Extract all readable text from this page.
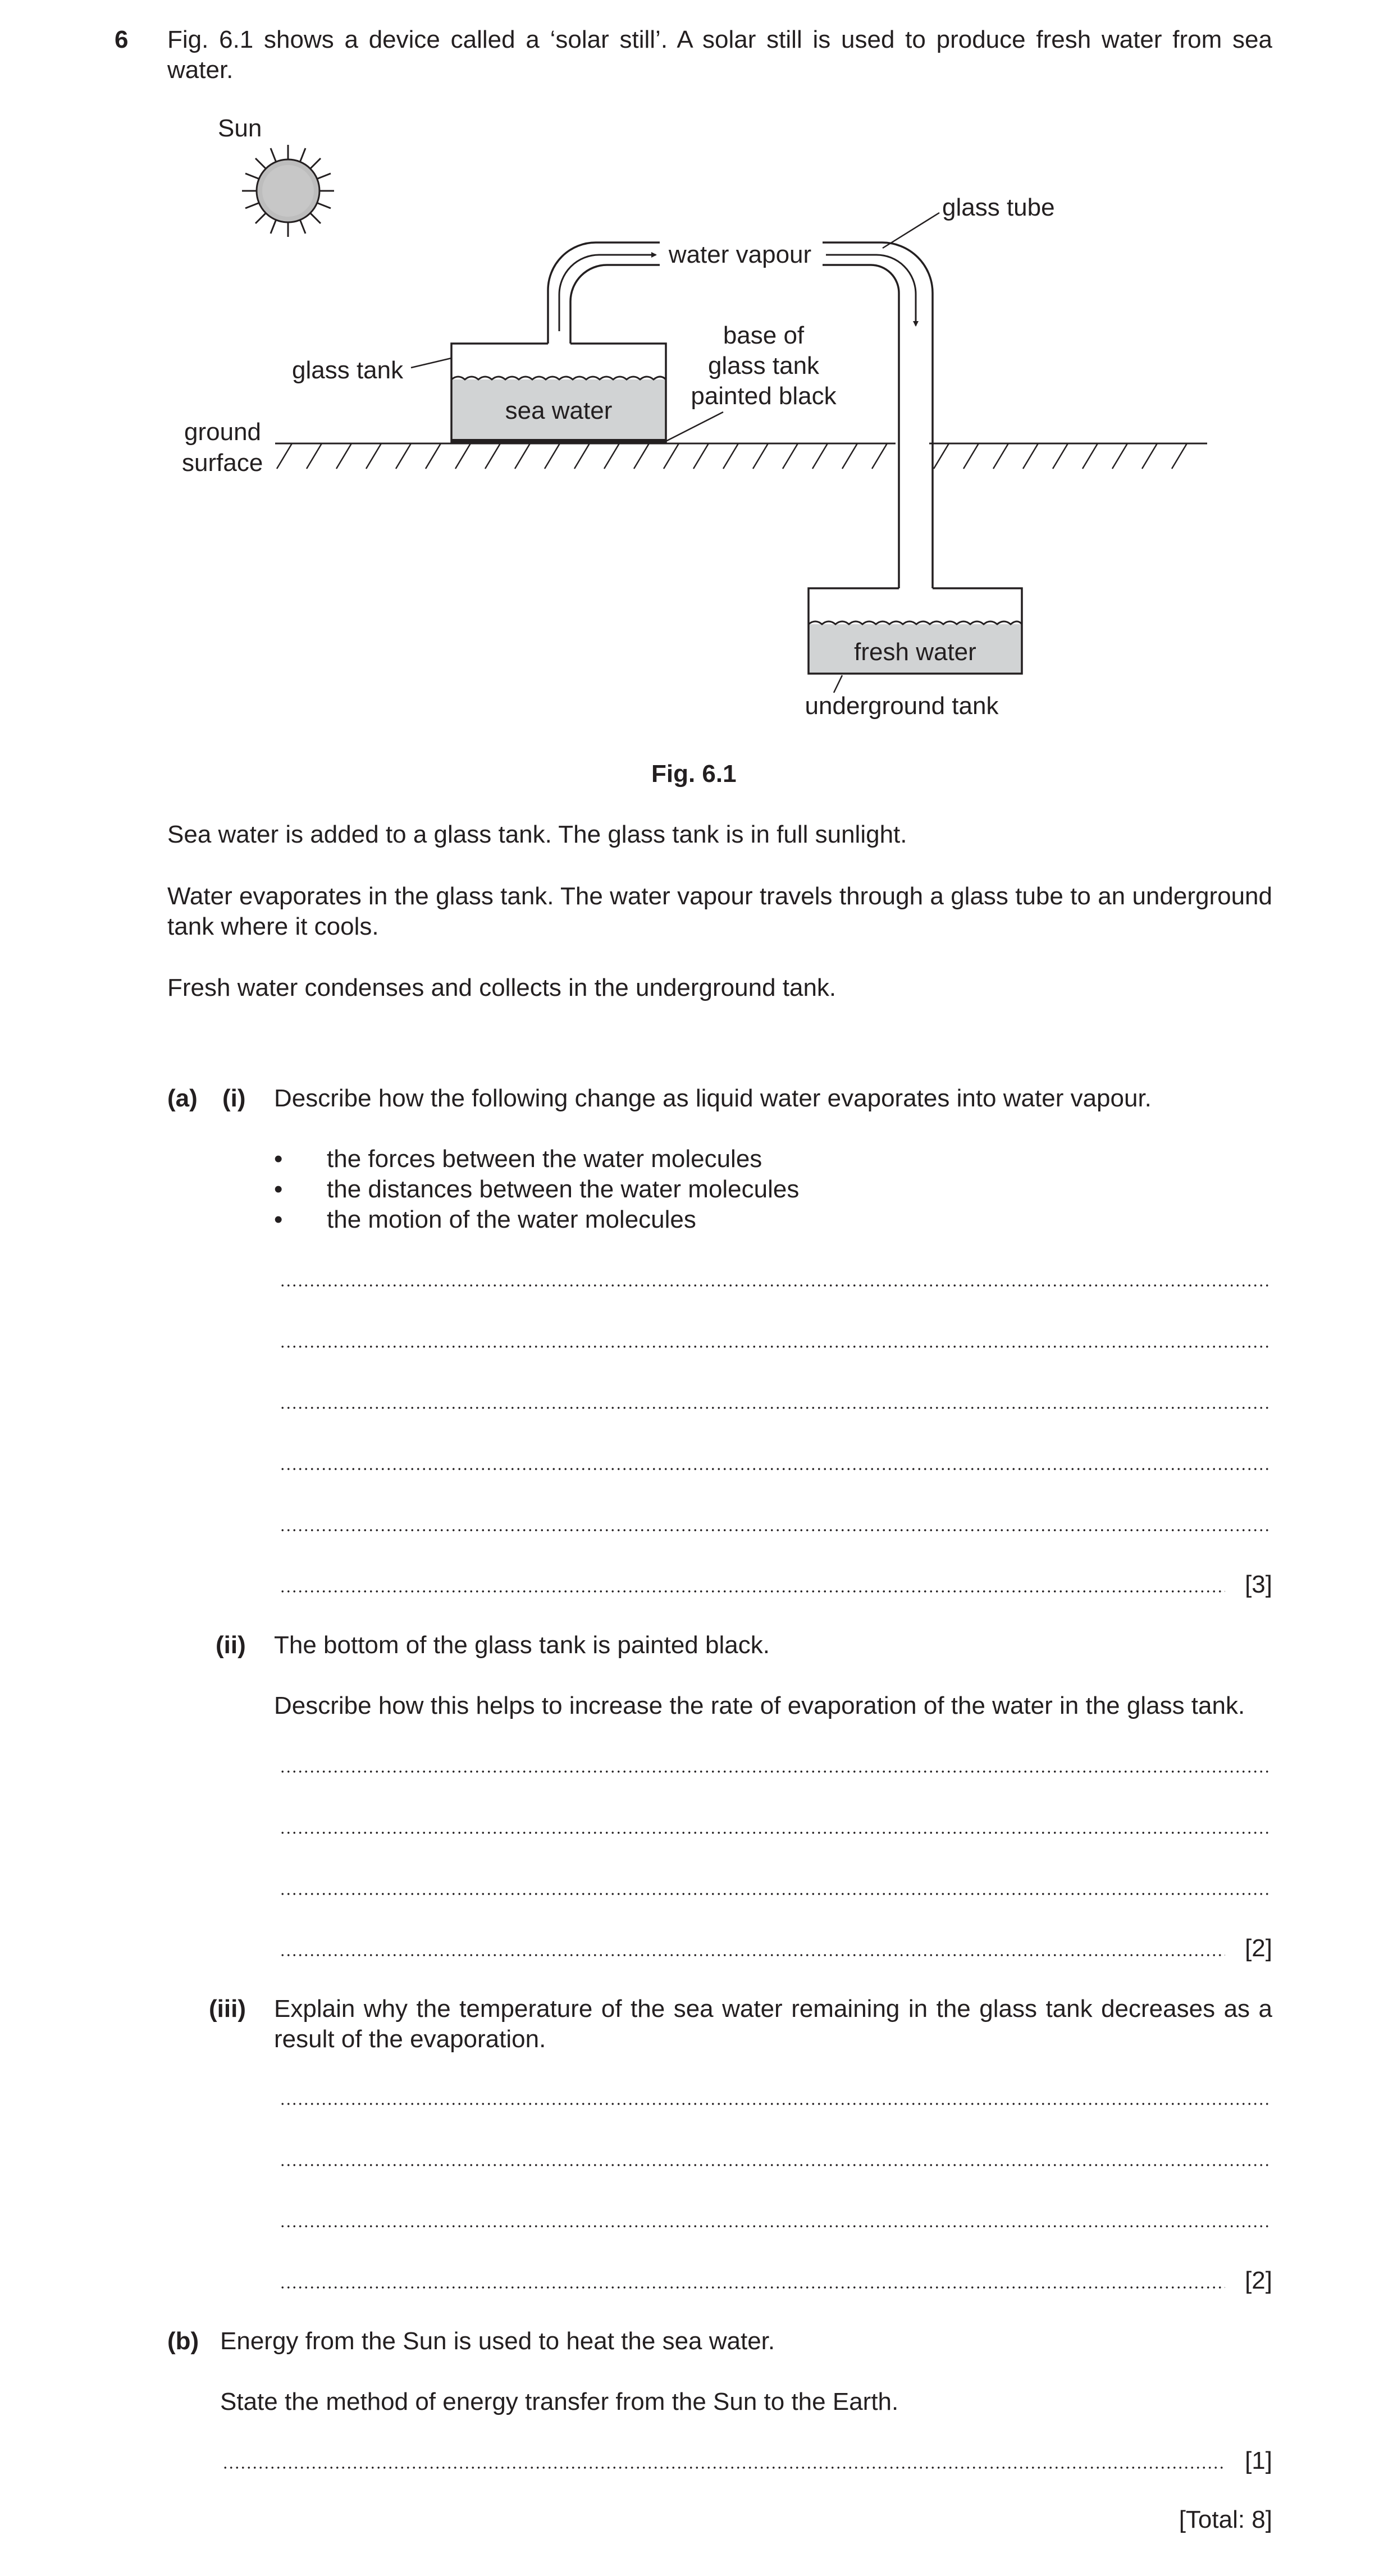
6 Fig. 6.1 shows a device called a ‘solar still’. A solar still is used to produce fresh water from sea water.
Sun
ground
surface
sea water
glass tank
water vapour
glass tube
base of
glass tank
painted black
fresh water
underground tank
Fig. 6.1
Sea water is added to a glass tank. The glass tank is in full sunlight.
Water evaporates in the glass tank. The water vapour travels through a glass tube to an underground tank where it cools.
Fresh water condenses and collects in the underground tank.
(a) (i) Describe how the following change as liquid water evaporates into water vapour.
• the forces between the water molecules
• the distances between the water molecules
• the motion of the water molecules
[3]
(ii) The bottom of the glass tank is painted black.
Describe how this helps to increase the rate of evaporation of the water in the glass tank.
[2]
(iii) Explain why the temperature of the sea water remaining in the glass tank decreases as a result of the evaporation.
[2]
(b) Energy from the Sun is used to heat the sea water.
State the method of energy transfer from the Sun to the Earth.
[1]
[Total: 8]
